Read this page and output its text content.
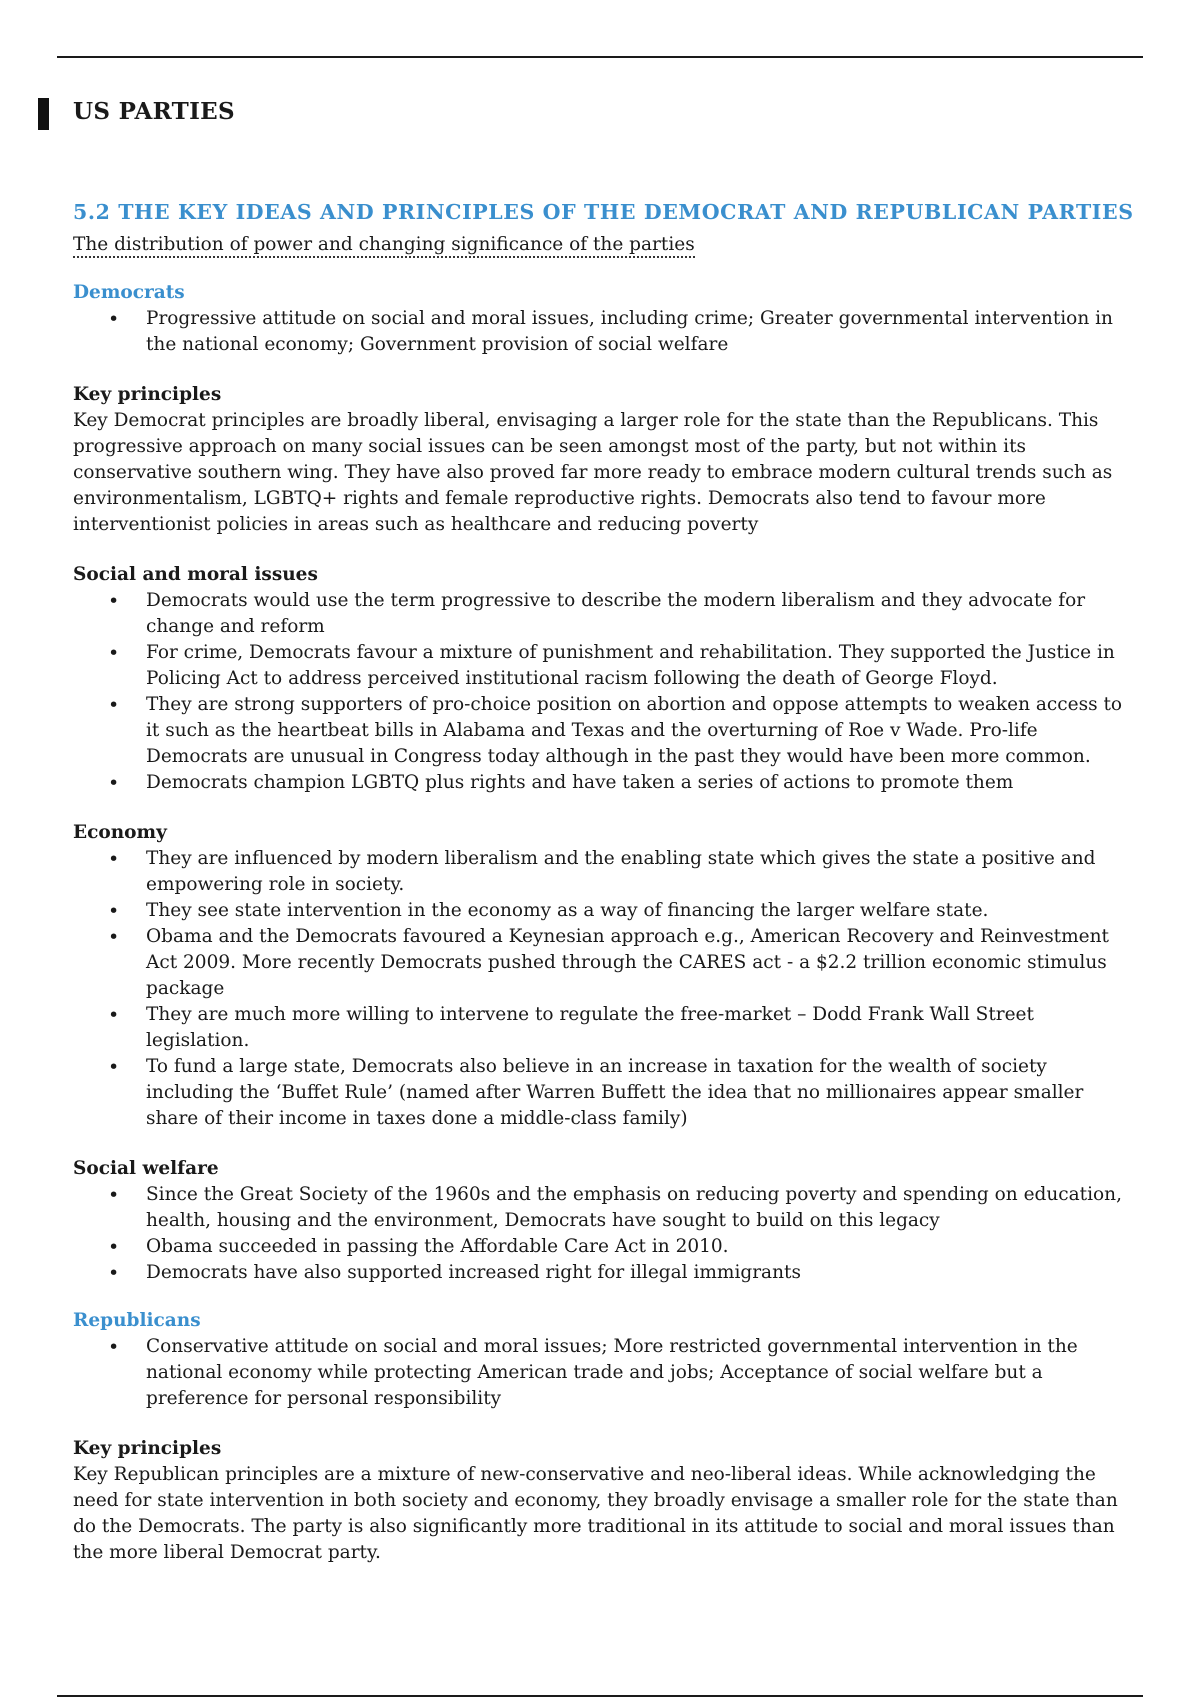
US PARTIES
5.2 THE KEY IDEAS AND PRINCIPLES OF THE DEMOCRAT AND REPUBLICAN PARTIES
The distribution of power and changing significance of the parties
Democrats
• Progressive attitude on social and moral issues, including crime; Greater governmental intervention in the national economy; Government provision of social welfare
Key principles

Key Democrat principles are broadly liberal, envisaging a larger role for the state than the Republicans. This progressive approach on many social issues can be seen amongst most of the party, but not within its conservative southern wing. They have also proved far more ready to embrace modern cultural trends such as environmentalism, LGBTQ+ rights and female reproductive rights. Democrats also tend to favour more interventionist policies in areas such as healthcare and reducing poverty

Social and moral issues
• Democrats would use the term progressive to describe the modern liberalism and they advocate for change and reform
• For crime, Democrats favour a mixture of punishment and rehabilitation. They supported the Justice in Policing Act to address perceived institutional racism following the death of George Floyd.
• They are strong supporters of pro-choice position on abortion and oppose attempts to weaken access to it such as the heartbeat bills in Alabama and Texas and the overturning of Roe v Wade. Pro-life Democrats are unusual in Congress today although in the past they would have been more common.
• Democrats champion LGBTQ plus rights and have taken a series of actions to promote them
Economy
• They are influenced by modern liberalism and the enabling state which gives the state a positive and empowering role in society.
• They see state intervention in the economy as a way of financing the larger welfare state.
• Obama and the Democrats favoured a Keynesian approach e.g., American Recovery and Reinvestment Act 2009. More recently Democrats pushed through the CARES act - a $2.2 trillion economic stimulus package
• They are much more willing to intervene to regulate the free-market – Dodd Frank Wall Street legislation.
• To fund a large state, Democrats also believe in an increase in taxation for the wealth of society including the ‘Buffet Rule’ (named after Warren Buffett the idea that no millionaires appear smaller share of their income in taxes done a middle-class family)
Social welfare
• Since the Great Society of the 1960s and the emphasis on reducing poverty and spending on education, health, housing and the environment, Democrats have sought to build on this legacy
• Obama succeeded in passing the Affordable Care Act in 2010.
• Democrats have also supported increased right for illegal immigrants
Republicans
• Conservative attitude on social and moral issues; More restricted governmental intervention in the national economy while protecting American trade and jobs; Acceptance of social welfare but a preference for personal responsibility
Key principles

Key Republican principles are a mixture of new-conservative and neo-liberal ideas. While acknowledging the need for state intervention in both society and economy, they broadly envisage a smaller role for the state than do the Democrats. The party is also significantly more traditional in its attitude to social and moral issues than the more liberal Democrat party.
